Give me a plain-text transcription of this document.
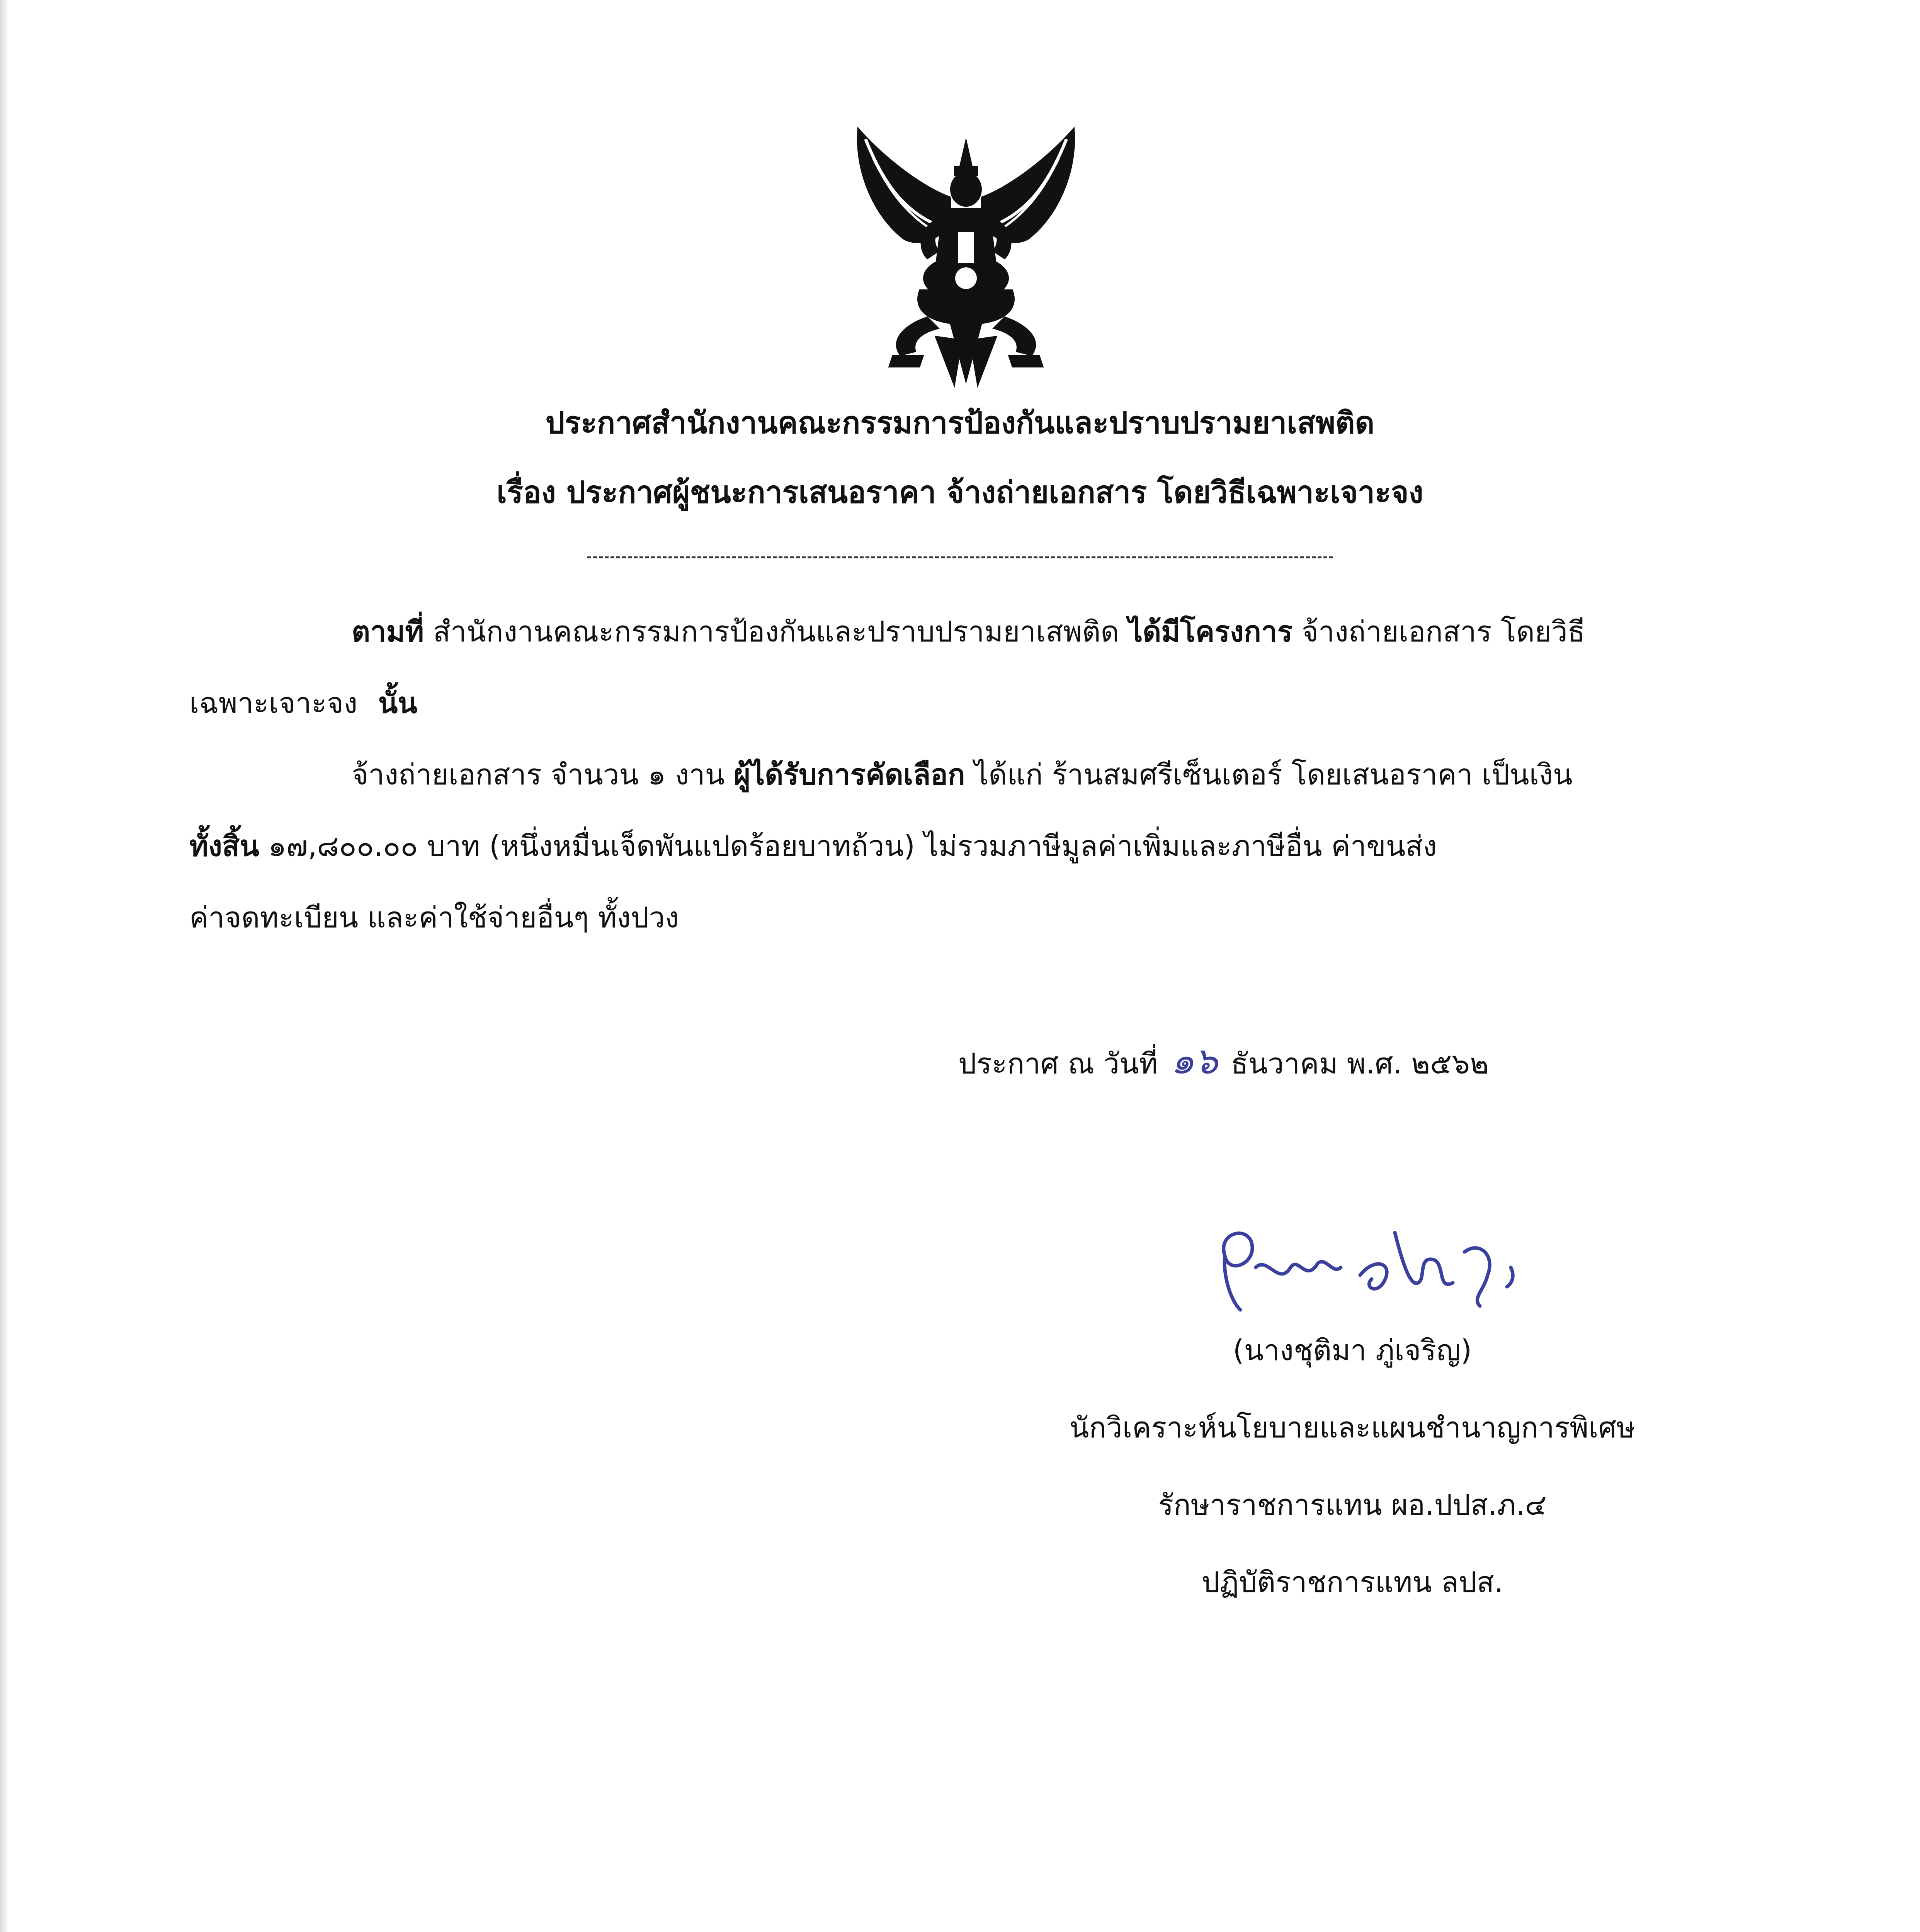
ประกาศสำนักงานคณะกรรมการป้องกันและปราบปรามยาเสพติด
เรื่อง ประกาศผู้ชนะการเสนอราคา จ้างถ่ายเอกสาร โดยวิธีเฉพาะเจาะจง
ตามที่ สำนักงานคณะกรรมการป้องกันและปราบปรามยาเสพติด ได้มีโครงการ จ้างถ่ายเอกสาร โดยวิธี
เฉพาะเจาะจง นั้น
จ้างถ่ายเอกสาร จำนวน ๑ งาน ผู้ได้รับการคัดเลือก ได้แก่ ร้านสมศรีเซ็นเตอร์ โดยเสนอราคา เป็นเงิน
ทั้งสิ้น ๑๗,๘๐๐.๐๐ บาท (หนึ่งหมื่นเจ็ดพันแปดร้อยบาทถ้วน) ไม่รวมภาษีมูลค่าเพิ่มและภาษีอื่น ค่าขนส่ง
ค่าจดทะเบียน และค่าใช้จ่ายอื่นๆ ทั้งปวง
ประกาศ ณ วันที่ ๑๖ ธันวาคม พ.ศ. ๒๕๖๒
(นางชุติมา ภู่เจริญ)
นักวิเคราะห์นโยบายและแผนชำนาญการพิเศษ
รักษาราชการแทน ผอ.ปปส.ภ.๔
ปฏิบัติราชการแทน ลปส.
